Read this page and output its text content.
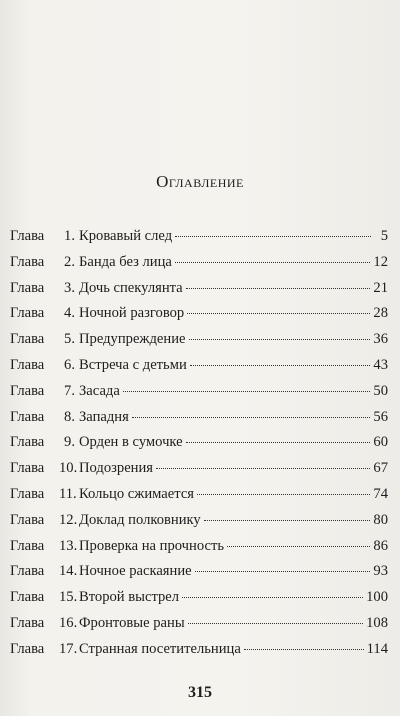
Оглавление
Глава	1. Кровавый след	5
Глава	2. Банда без лица	12
Глава	3. Дочь спекулянта	21
Глава	4. Ночной разговор	28
Глава	5. Предупреждение	36
Глава	6. Встреча с детьми	43
Глава	7. Засада	50
Глава	8. Западня	56
Глава	9. Орден в сумочке	60
Глава	10. Подозрения	67
Глава	11. Кольцо сжимается	74
Глава	12. Доклад полковнику	80
Глава	13. Проверка на прочность	86
Глава	14. Ночное раскаяние	93
Глава	15. Второй выстрел	100
Глава	16. Фронтовые раны	108
Глава	17. Странная посетительница	114
315
